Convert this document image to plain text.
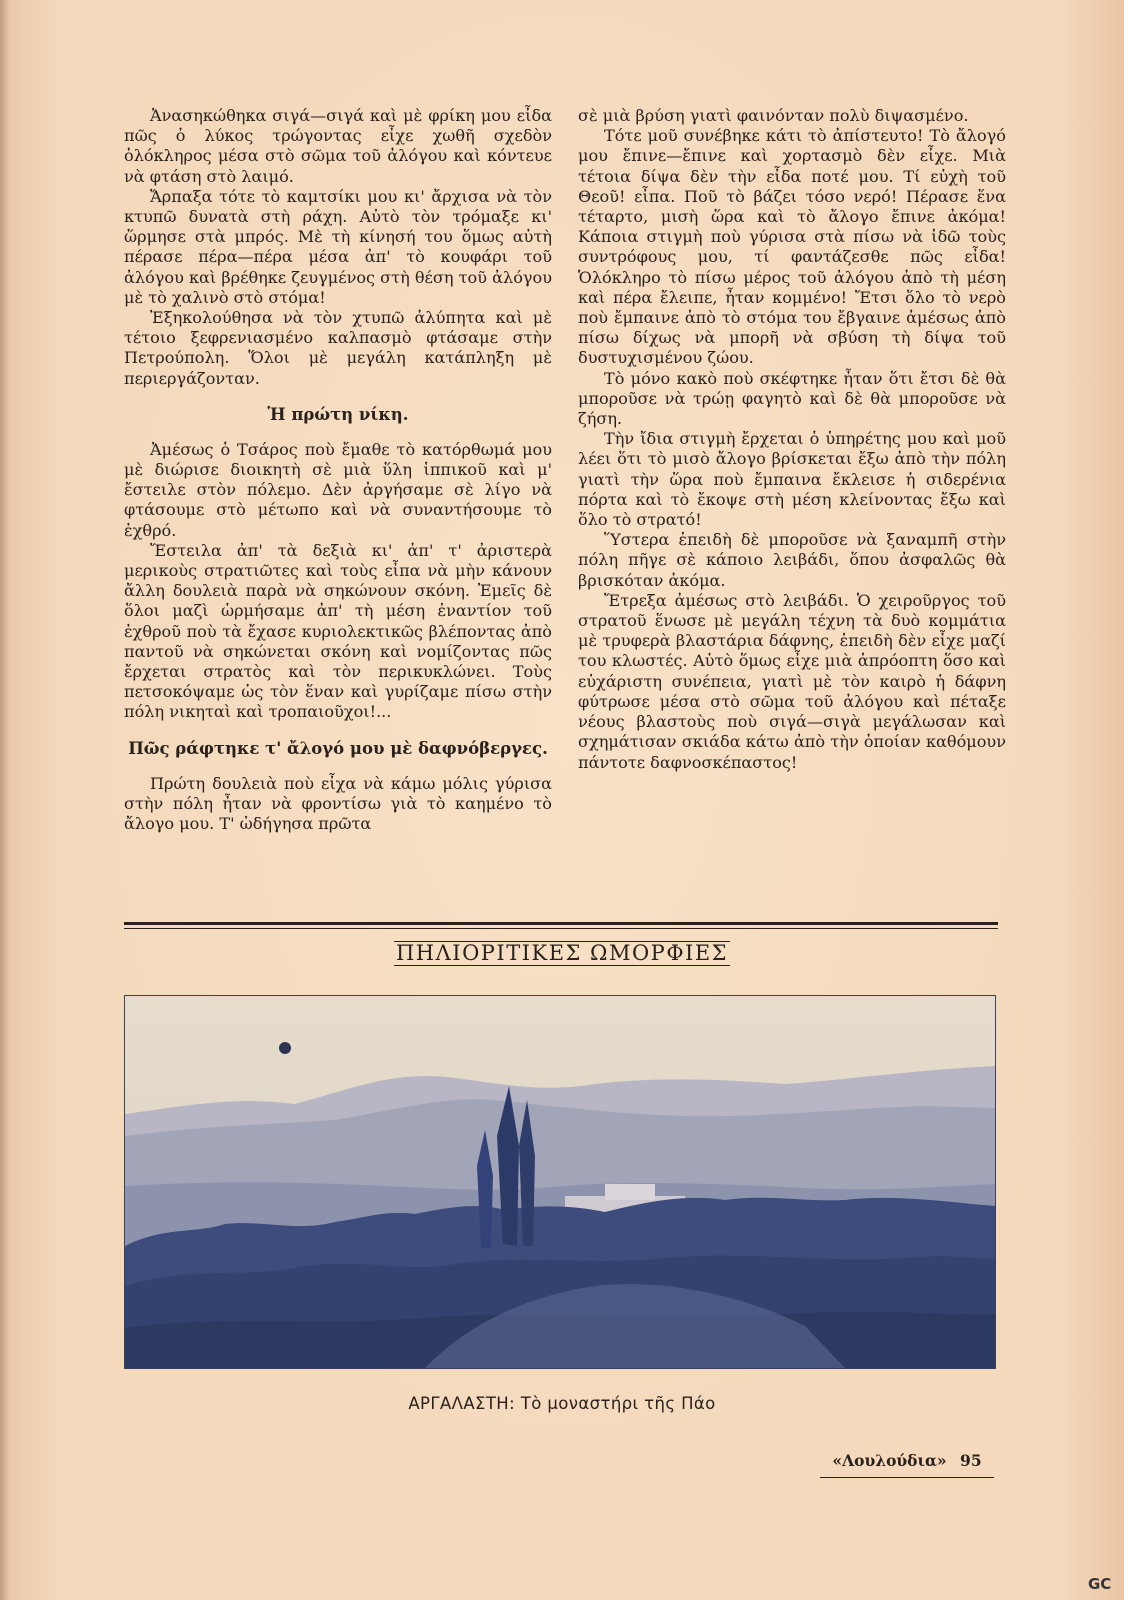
Ἀνασηκώθηκα σιγά—σιγά καὶ μὲ φρίκη μου εἶδα πῶς ὁ λύκος τρώγοντας εἶχε χωθῆ σχεδὸν ὁλόκληρος μέσα στὸ σῶμα τοῦ ἀλόγου καὶ κόντευε νὰ φτάση στὸ λαιμό.

Ἄρπαξα τότε τὸ καμτσίκι μου κι' ἄρχισα νὰ τὸν κτυπῶ δυνατὰ στὴ ράχη. Αὐτὸ τὸν τρόμαξε κι' ὥρμησε στὰ μπρός. Μὲ τὴ κίνησή του ὅμως αὐτὴ πέρασε πέρα—πέρα μέσα ἀπ' τὸ κουφάρι τοῦ ἀλόγου καὶ βρέθηκε ζευγμένος στὴ θέση τοῦ ἀλόγου μὲ τὸ χαλινὸ στὸ στόμα!

Ἐξηκολούθησα νὰ τὸν χτυπῶ ἀλύπητα καὶ μὲ τέτοιο ξεφρενιασμένο καλπασμὸ φτάσαμε στὴν Πετρούπολη. Ὅλοι μὲ μεγάλη κατάπληξη μὲ περιεργάζονταν.

Ἡ πρώτη νίκη.

Ἀμέσως ὁ Τσάρος ποὺ ἔμαθε τὸ κατόρθωμά μου μὲ διώρισε διοικητὴ σὲ μιὰ ὕλη ἱππικοῦ καὶ μ' ἔστειλε στὸν πόλεμο. Δὲν ἀργήσαμε σὲ λίγο νὰ φτάσουμε στὸ μέτωπο καὶ νὰ συναντήσουμε τὸ ἐχθρό.

Ἔστειλα ἀπ' τὰ δεξιὰ κι' ἀπ' τ' ἀριστερὰ μερικοὺς στρατιῶτες καὶ τοὺς εἶπα νὰ μὴν κάνουν ἄλλη δουλειὰ παρὰ νὰ σηκώνουν σκόνη. Ἐμεῖς δὲ ὅλοι μαζὶ ὡρμήσαμε ἀπ' τὴ μέση ἐναντίον τοῦ ἐχθροῦ ποὺ τὰ ἔχασε κυριολεκτικῶς βλέποντας ἀπὸ παντοῦ νὰ σηκώνεται σκόνη καὶ νομίζοντας πῶς ἔρχεται στρατὸς καὶ τὸν περικυκλώνει. Τοὺς πετσοκόψαμε ὡς τὸν ἕναν καὶ γυρίζαμε πίσω στὴν πόλη νικηταὶ καὶ τροπαιοῦχοι!...

Πῶς ράφτηκε τ' ἄλογό μου μὲ δαφνόβεργες.

Πρώτη δουλειὰ ποὺ εἶχα νὰ κάμω μόλις γύρισα στὴν πόλη ἦταν νὰ φροντίσω γιὰ τὸ καημένο τὸ ἄλογο μου. Τ' ὡδήγησα πρῶτα

σὲ μιὰ βρύση γιατὶ φαινόνταν πολὺ διψασμένο.

Τότε μοῦ συνέβηκε κάτι τὸ ἀπίστευτο! Τὸ ἄλογό μου ἔπινε—ἔπινε καὶ χορτασμὸ δὲν εἶχε. Μιὰ τέτοια δίψα δὲν τὴν εἶδα ποτέ μου. Τί εὐχὴ τοῦ Θεοῦ! εἶπα. Ποῦ τὸ βάζει τόσο νερό! Πέρασε ἕνα τέταρτο, μισὴ ὥρα καὶ τὸ ἄλογο ἔπινε ἀκόμα! Κάποια στιγμὴ ποὺ γύρισα στὰ πίσω νὰ ἰδῶ τοὺς συντρόφους μου, τί φαντάζεσθε πῶς εἶδα! Ὁλόκληρο τὸ πίσω μέρος τοῦ ἀλόγου ἀπὸ τὴ μέση καὶ πέρα ἔλειπε, ἦταν κομμένο! Ἔτσι ὅλο τὸ νερὸ ποὺ ἔμπαινε ἀπὸ τὸ στόμα του ἔβγαινε ἀμέσως ἀπὸ πίσω δίχως νὰ μπορῆ νὰ σβύση τὴ δίψα τοῦ δυστυχισμένου ζώου.

Τὸ μόνο κακὸ ποὺ σκέφτηκε ἦταν ὅτι ἔτσι δὲ θὰ μποροῦσε νὰ τρώῃ φαγητὸ καὶ δὲ θὰ μποροῦσε νὰ ζήση.

Τὴν ἴδια στιγμὴ ἔρχεται ὁ ὑπηρέτης μου καὶ μοῦ λέει ὅτι τὸ μισὸ ἄλογο βρίσκεται ἔξω ἀπὸ τὴν πόλη γιατὶ τὴν ὥρα ποὺ ἔμπαινα ἔκλεισε ἡ σιδερένια πόρτα καὶ τὸ ἔκοψε στὴ μέση κλείνοντας ἔξω καὶ ὅλο τὸ στρατό!

Ὕστερα ἐπειδὴ δὲ μποροῦσε νὰ ξαναμπῆ στὴν πόλη πῆγε σὲ κάποιο λειβάδι, ὅπου ἀσφαλῶς θὰ βρισκόταν ἀκόμα.

Ἔτρεξα ἀμέσως στὸ λειβάδι. Ὁ χειροῦργος τοῦ στρατοῦ ἕνωσε μὲ μεγάλη τέχνη τὰ δυὸ κομμάτια μὲ τρυφερὰ βλαστάρια δάφνης, ἐπειδὴ δὲν εἶχε μαζί του κλωστές. Αὐτὸ ὅμως εἶχε μιὰ ἀπρόοπτη ὅσο καὶ εὐχάριστη συνέπεια, γιατὶ μὲ τὸν καιρὸ ἡ δάφνη φύτρωσε μέσα στὸ σῶμα τοῦ ἀλόγου καὶ πέταξε νέους βλαστοὺς ποὺ σιγά—σιγὰ μεγάλωσαν καὶ σχημάτισαν σκιάδα κάτω ἀπὸ τὴν ὁποίαν καθόμουν πάντοτε δαφνοσκέπαστος!

ΠΗΛΙΟΡΙΤΙΚΕΣ ΩΜΟΡΦΙΕΣ
ΑΡΓΑΛΑΣΤΗ: Τὸ μοναστήρι τῆς Πάο
«Λουλούδια» 95
GC
